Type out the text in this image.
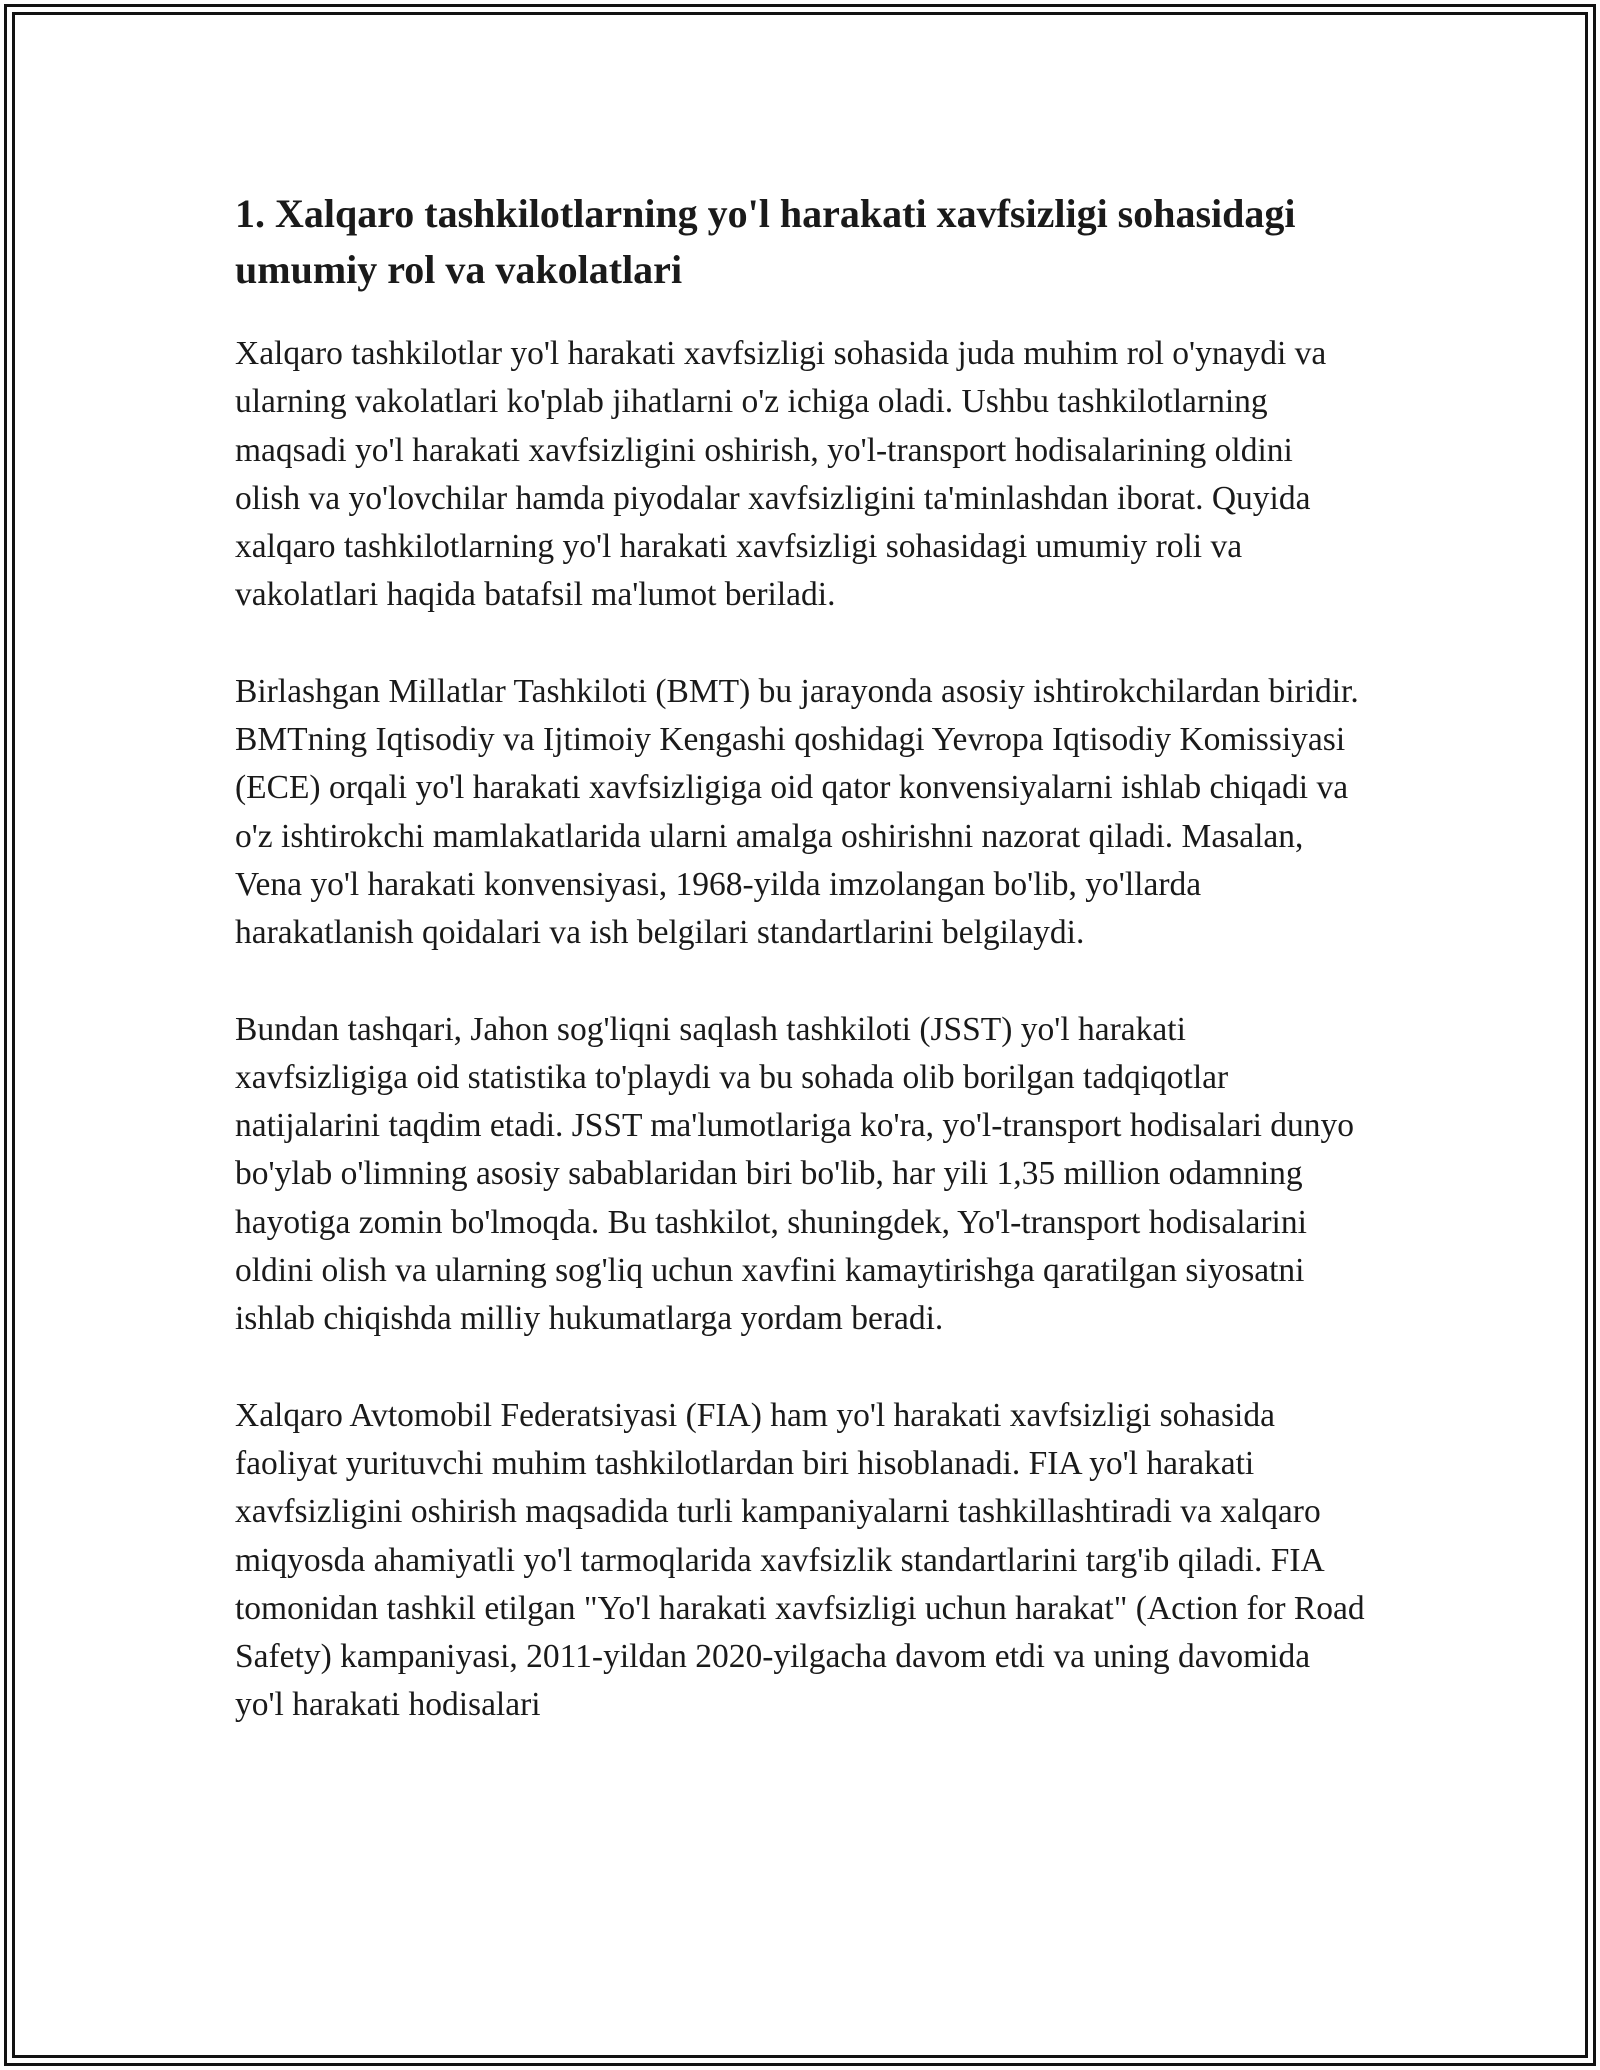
1. Xalqaro tashkilotlarning yo'l harakati xavfsizligi sohasidagi umumiy rol va vakolatlari

Xalqaro tashkilotlar yo'l harakati xavfsizligi sohasida juda muhim rol o'ynaydi va ularning vakolatlari ko'plab jihatlarni o'z ichiga oladi. Ushbu tashkilotlarning maqsadi yo'l harakati xavfsizligini oshirish, yo'l-transport hodisalarining oldini olish va yo'lovchilar hamda piyodalar xavfsizligini ta'minlashdan iborat. Quyida xalqaro tashkilotlarning yo'l harakati xavfsizligi sohasidagi umumiy roli va vakolatlari haqida batafsil ma'lumot beriladi.

Birlashgan Millatlar Tashkiloti (BMT) bu jarayonda asosiy ishtirokchilardan biridir. BMTning Iqtisodiy va Ijtimoiy Kengashi qoshidagi Yevropa Iqtisodiy Komissiyasi (ECE) orqali yo'l harakati xavfsizligiga oid qator konvensiyalarni ishlab chiqadi va o'z ishtirokchi mamlakatlarida ularni amalga oshirishni nazorat qiladi. Masalan, Vena yo'l harakati konvensiyasi, 1968-yilda imzolangan bo'lib, yo'llarda harakatlanish qoidalari va ish belgilari standartlarini belgilaydi.

Bundan tashqari, Jahon sog'liqni saqlash tashkiloti (JSST) yo'l harakati xavfsizligiga oid statistika to'playdi va bu sohada olib borilgan tadqiqotlar natijalarini taqdim etadi. JSST ma'lumotlariga ko'ra, yo'l-transport hodisalari dunyo bo'ylab o'limning asosiy sabablaridan biri bo'lib, har yili 1,35 million odamning hayotiga zomin bo'lmoqda. Bu tashkilot, shuningdek, Yo'l-transport hodisalarini oldini olish va ularning sog'liq uchun xavfini kamaytirishga qaratilgan siyosatni ishlab chiqishda milliy hukumatlarga yordam beradi.

Xalqaro Avtomobil Federatsiyasi (FIA) ham yo'l harakati xavfsizligi sohasida faoliyat yurituvchi muhim tashkilotlardan biri hisoblanadi. FIA yo'l harakati xavfsizligini oshirish maqsadida turli kampaniyalarni tashkillashtiradi va xalqaro miqyosda ahamiyatli yo'l tarmoqlarida xavfsizlik standartlarini targ'ib qiladi. FIA tomonidan tashkil etilgan "Yo'l harakati xavfsizligi uchun harakat" (Action for Road Safety) kampaniyasi, 2011-yildan 2020-yilgacha davom etdi va uning davomida yo'l harakati hodisalari
